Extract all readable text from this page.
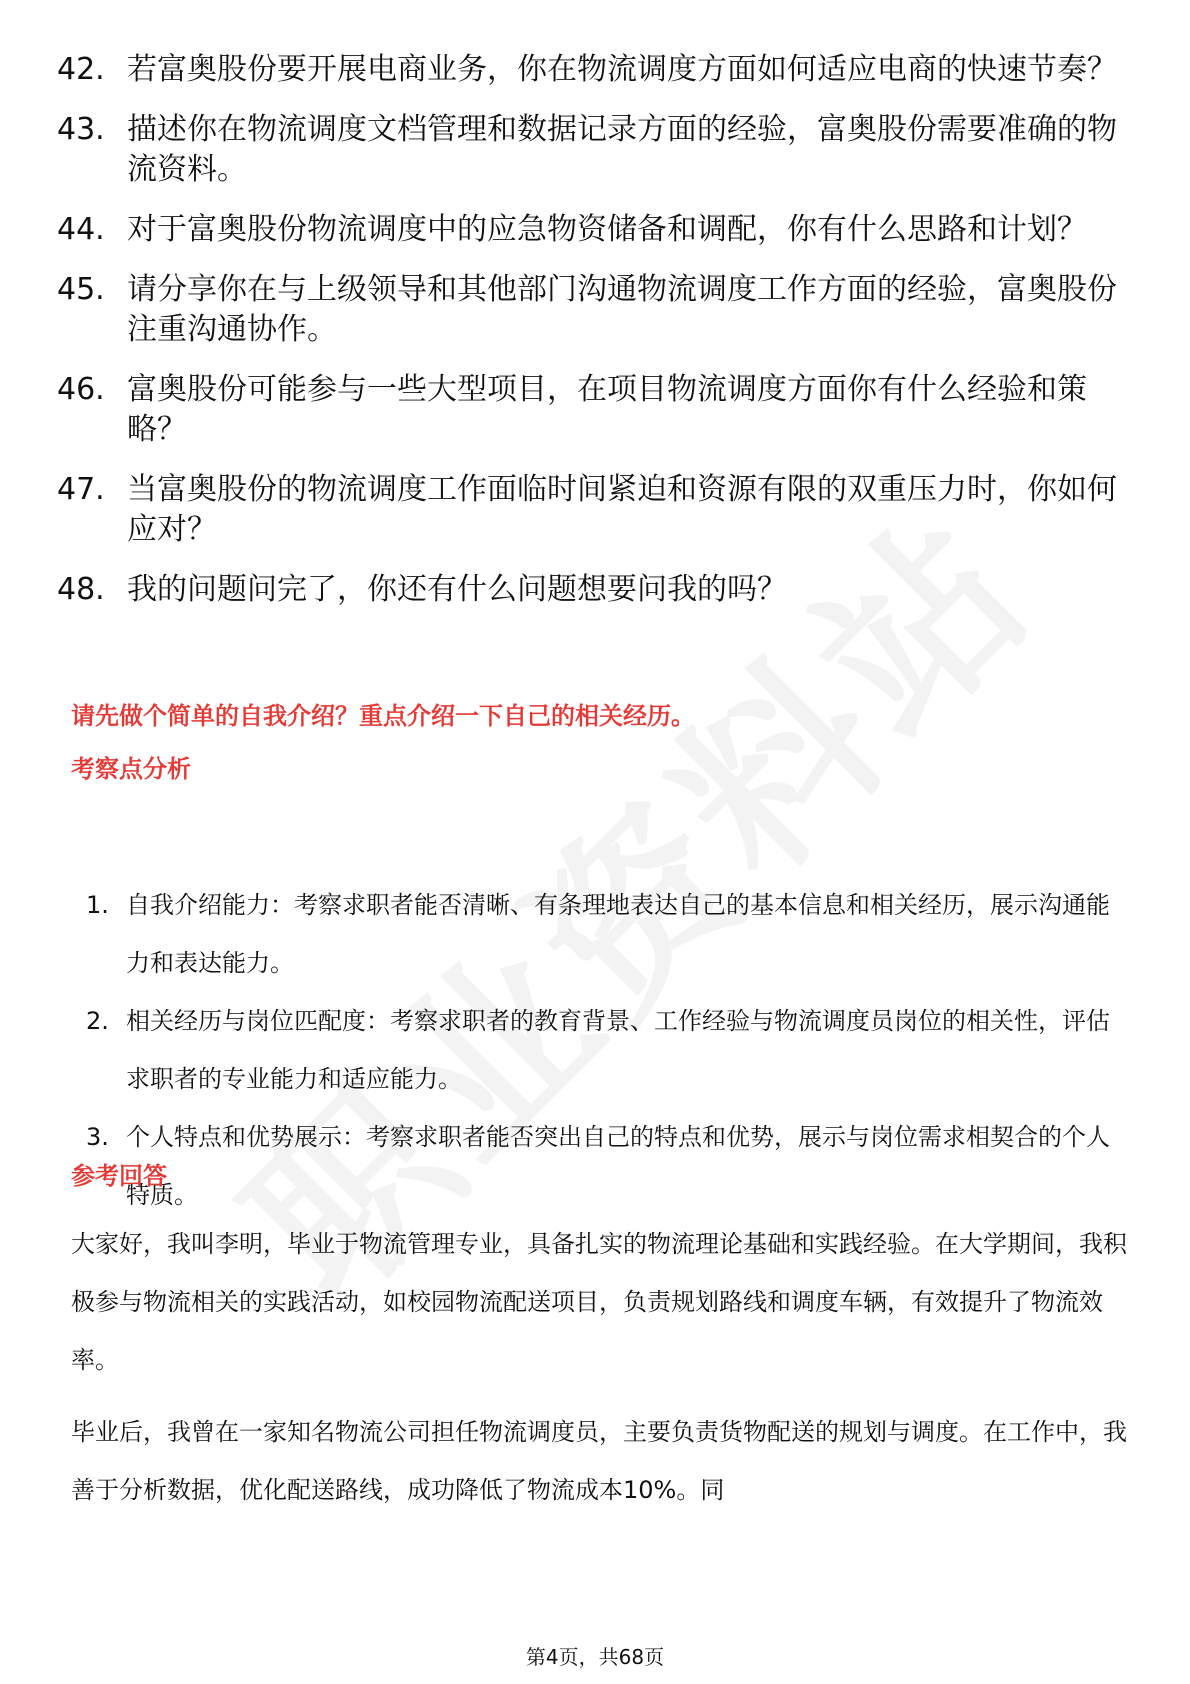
42. 若富奥股份要开展电商业务，你在物流调度方面如何适应电商的快速节奏？
43. 描述你在物流调度文档管理和数据记录方面的经验，富奥股份需要准确的物流资料。
44. 对于富奥股份物流调度中的应急物资储备和调配，你有什么思路和计划？
45. 请分享你在与上级领导和其他部门沟通物流调度工作方面的经验，富奥股份注重沟通协作。
46. 富奥股份可能参与一些大型项目，在项目物流调度方面你有什么经验和策略？
47. 当富奥股份的物流调度工作面临时间紧迫和资源有限的双重压力时，你如何应对？
48. 我的问题问完了，你还有什么问题想要问我的吗？
请先做个简单的自我介绍？重点介绍一下自己的相关经历。
考察点分析
1. 自我介绍能力：考察求职者能否清晰、有条理地表达自己的基本信息和相关经历，展示沟通能力和表达能力。
2. 相关经历与岗位匹配度：考察求职者的教育背景、工作经验与物流调度员岗位的相关性，评估求职者的专业能力和适应能力。
3. 个人特点和优势展示：考察求职者能否突出自己的特点和优势，展示与岗位需求相契合的个人特质。
参考回答

大家好，我叫李明，毕业于物流管理专业，具备扎实的物流理论基础和实践经验。在大学期间，我积极参与物流相关的实践活动，如校园物流配送项目，负责规划路线和调度车辆，有效提升了物流效率。

毕业后，我曾在一家知名物流公司担任物流调度员，主要负责货物配送的规划与调度。在工作中，我善于分析数据，优化配送路线，成功降低了物流成本10%。同

第4页，共68页
